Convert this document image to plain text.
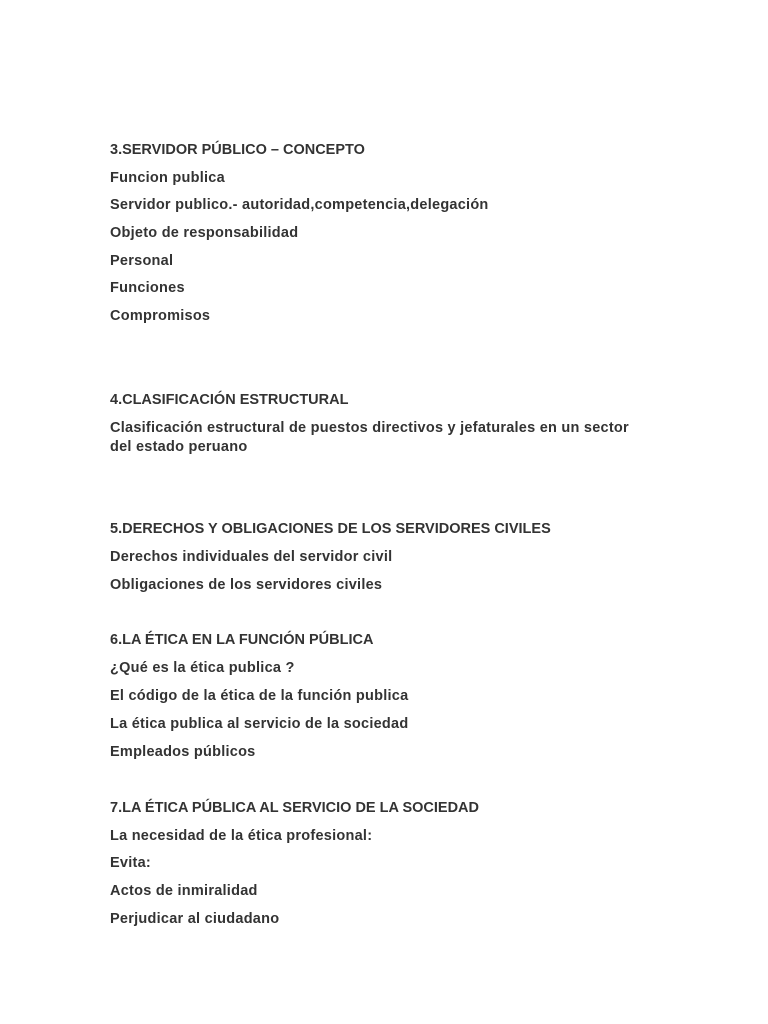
3.SERVIDOR PÚBLICO – CONCEPTO
Funcion publica
Servidor publico.- autoridad,competencia,delegación
Objeto de responsabilidad
Personal
Funciones
Compromisos
4.CLASIFICACIÓN ESTRUCTURAL
Clasificación estructural de puestos directivos y jefaturales en un sector del estado peruano
5.DERECHOS Y OBLIGACIONES DE LOS SERVIDORES CIVILES
Derechos individuales del servidor civil
Obligaciones de los servidores civiles
6.LA ÉTICA EN LA FUNCIÓN PÚBLICA
¿Qué es la ética publica ?
El código de la ética de la función publica
La ética publica al servicio de la sociedad
Empleados públicos
7.LA ÉTICA PÚBLICA AL SERVICIO DE LA SOCIEDAD
La necesidad de la ética profesional:
Evita:
Actos de inmiralidad
Perjudicar al ciudadano
